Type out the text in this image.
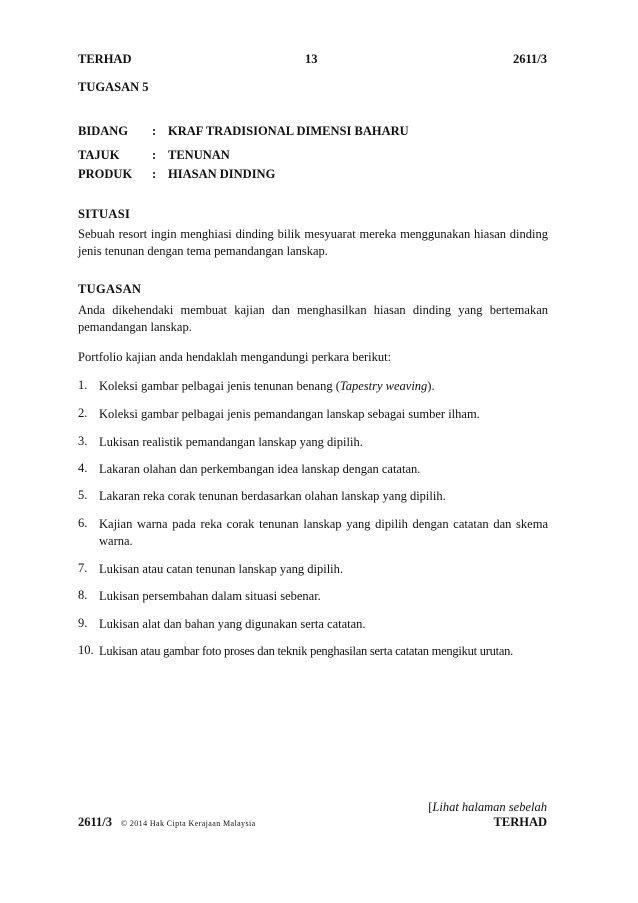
TERHAD	13	2611/3
TUGASAN 5
BIDANG : KRAF TRADISIONAL DIMENSI BAHARU
TAJUK	: TENUNAN
PRODUK : HIASAN DINDING
SITUASI
Sebuah resort ingin menghiasi dinding bilik mesyuarat mereka menggunakan hiasan dinding jenis tenunan dengan tema pemandangan lanskap.
TUGASAN
Anda dikehendaki membuat kajian dan menghasilkan hiasan dinding yang bertemakan pemandangan lanskap.
Portfolio kajian anda hendaklah mengandungi perkara berikut:
1. Koleksi gambar pelbagai jenis tenunan benang (Tapestry weaving).
2. Koleksi gambar pelbagai jenis pemandangan lanskap sebagai sumber ilham.
3. Lukisan realistik pemandangan lanskap yang dipilih.
4. Lakaran olahan dan perkembangan idea lanskap dengan catatan.
5. Lakaran reka corak tenunan berdasarkan olahan lanskap yang dipilih.
6. Kajian warna pada reka corak tenunan lanskap yang dipilih dengan catatan dan skema warna.
7. Lukisan atau catan tenunan lanskap yang dipilih.
8. Lukisan persembahan dalam situasi sebenar.
9. Lukisan alat dan bahan yang digunakan serta catatan.
10. Lukisan atau gambar foto proses dan teknik penghasilan serta catatan mengikut urutan.
[Lihat halaman sebelah
2611/3 © 2014 Hak Cipta Kerajaan Malaysia	TERHAD
